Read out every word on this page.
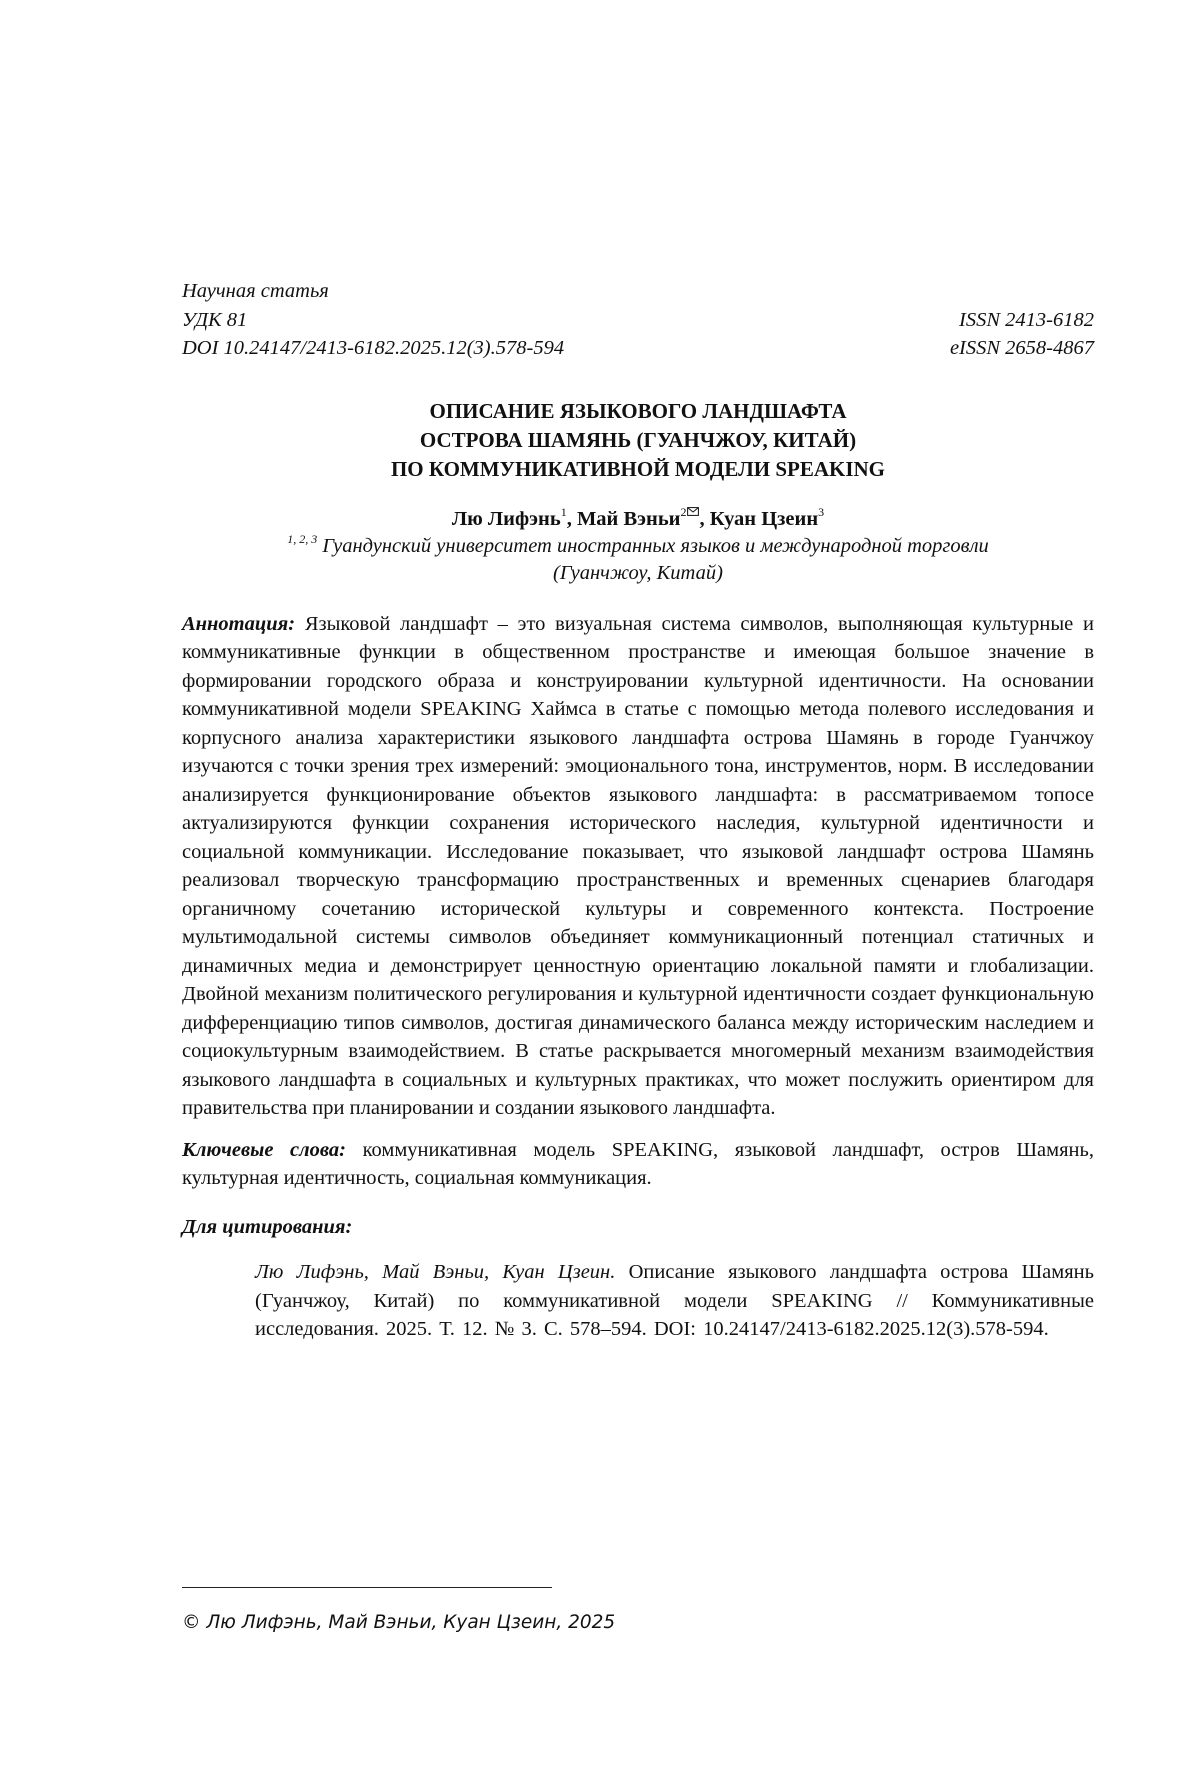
Научная статья
УДК 81	ISSN 2413-6182
DOI 10.24147/2413-6182.2025.12(3).578-594	eISSN 2658-4867
ОПИСАНИЕ ЯЗЫКОВОГО ЛАНДШАФТА
ОСТРОВА ШАМЯНЬ (ГУАНЧЖОУ, КИТАЙ)
ПО КОММУНИКАТИВНОЙ МОДЕЛИ SPEAKING
Лю Лифэнь$^1$, Май Вэньи$^2$ , Куан Цзеин$^3$
$^{1, 2, 3}$ Гуандунский университет иностранных языков и международной торговли
(Гуанчжоу, Китай)
Аннотация: Языковой ландшафт – это визуальная система символов, выполняющая культурные и коммуникативные функции в общественном пространстве и имеющая большое значение в формировании городского образа и конструировании культурной идентичности. На основании коммуникативной модели SPEAKING Хаймса в статье с помощью метода полевого исследования и корпусного анализа характеристики языкового ландшафта острова Шамянь в городе Гуанчжоу изучаются с точки зрения трех измерений: эмоционального тона, инструментов, норм. В исследовании анализируется функционирование объектов языкового ландшафта: в рассматриваемом топосе актуализируются функции сохранения исторического наследия, культурной идентичности и социальной коммуникации. Исследование показывает, что языковой ландшафт острова Шамянь реализовал творческую трансформацию пространственных и временных сценариев благодаря органичному сочетанию исторической культуры и современного контекста. Построение мультимодальной системы символов объединяет коммуникационный потенциал статичных и динамичных медиа и демонстрирует ценностную ориентацию локальной памяти и глобализации. Двойной механизм политического регулирования и культурной идентичности создает функциональную дифференциацию типов символов, достигая динамического баланса между историческим наследием и социокультурным взаимодействием. В статье раскрывается многомерный механизм взаимодействия языкового ландшафта в социальных и культурных практиках, что может послужить ориентиром для правительства при планировании и создании языкового ландшафта.
Ключевые слова: коммуникативная модель SPEAKING, языковой ландшафт, остров Шамянь, культурная идентичность, социальная коммуникация.
Для цитирования:
Лю Лифэнь, Май Вэньи, Куан Цзеин. Описание языкового ландшафта острова Шамянь (Гуанчжоу, Китай) по коммуникативной модели SPEAKING // Коммуникативные исследования. 2025. Т. 12. № 3. С. 578–594. DOI: 10.24147/2413-6182.2025.12(3).578-594.
© Лю Лифэнь, Май Вэньи, Куан Цзеин, 2025
